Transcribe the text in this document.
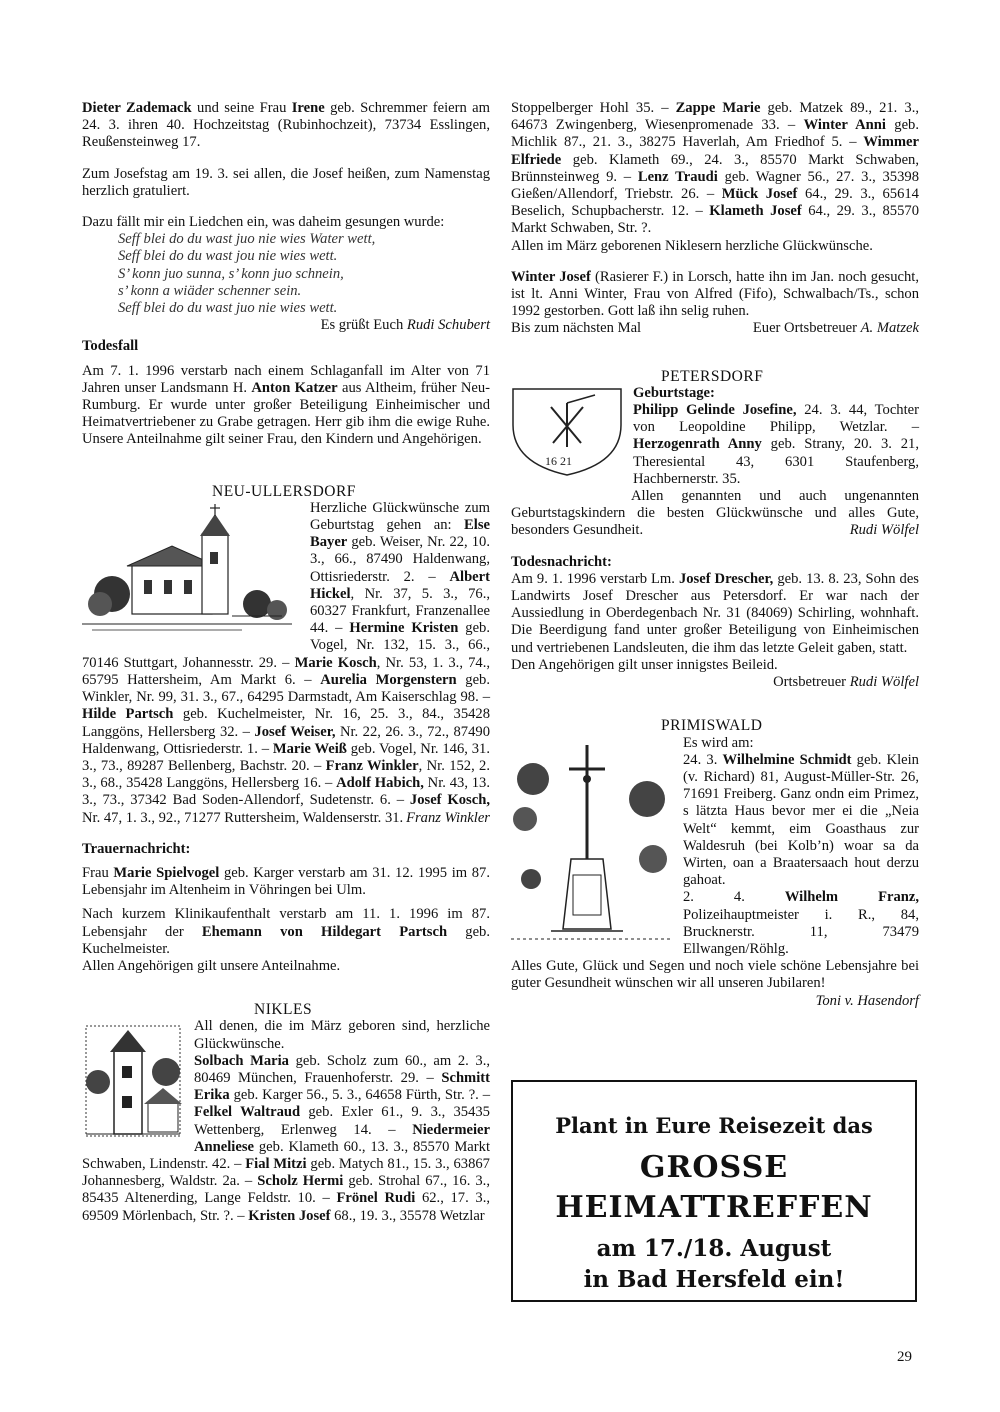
Dieter Zademack und seine Frau Irene geb. Schremmer feiern am 24. 3. ihren 40. Hochzeitstag (Rubinhochzeit), 73734 Esslingen, Reußensteinweg 17.

Zum Josefstag am 19. 3. sei allen, die Josef heißen, zum Namenstag herzlich gratuliert.

Dazu fällt mir ein Liedchen ein, was daheim gesungen wurde:

Seff blei do du wast juo nie wies Water wett,

Seff blei do du wast jou nie wies wett.

S’ konn juo sunna, s’ konn juo schnein,

s’ konn a wiäder schenner sein.

Seff blei do du wast juo nie wies wett.

Es grüßt Euch Rudi Schubert

Todesfall

Am 7. 1. 1996 verstarb nach einem Schlaganfall im Alter von 71 Jahren unser Landsmann H. Anton Katzer aus Altheim, früher Neu-Rumburg. Er wurde unter großer Beteiligung Einheimischer und Heimatvertriebener zu Grabe getragen. Herr gib ihm die ewige Ruhe. Unsere Anteilnahme gilt seiner Frau, den Kindern und Angehörigen.

NEU-ULLERSDORF

Herzliche Glückwünsche zum Geburtstag gehen an: Else Bayer geb. Weiser, Nr. 22, 10. 3., 66., 87490 Haldenwang, Ottisriederstr. 2. – Albert Hickel, Nr. 37, 5. 3., 76., 60327 Frankfurt, Franzenallee 44. – Hermine Kristen geb. Vogel, Nr. 132, 15. 3., 66., 70146 Stuttgart, Johannesstr. 29. – Marie Kosch, Nr. 53, 1. 3., 74., 65795 Hattersheim, Am Markt 6. – Aurelia Morgenstern geb. Winkler, Nr. 99, 31. 3., 67., 64295 Darmstadt, Am Kaiserschlag 98. – Hilde Partsch geb. Kuchelmeister, Nr. 16, 25. 3., 84., 35428 Langgöns, Hellersberg 32. – Josef Weiser, Nr. 22, 26. 3., 72., 87490 Haldenwang, Ottisriederstr. 1. – Marie Weiß geb. Vogel, Nr. 146, 31. 3., 73., 89287 Bellenberg, Bachstr. 20. – Franz Winkler, Nr. 152, 2. 3., 68., 35428 Langgöns, Hellersberg 16. – Adolf Habich, Nr. 43, 13. 3., 73., 37342 Bad Soden-Allendorf, Sudetenstr. 6. – Josef Kosch, Nr. 47, 1. 3., 92., 71277 Ruttersheim, Waldenserstr. 31. Franz Winkler

Trauernachricht:

Frau Marie Spielvogel geb. Karger verstarb am 31. 12. 1995 im 87. Lebensjahr im Altenheim in Vöhringen bei Ulm.

Nach kurzem Klinikaufenthalt verstarb am 11. 1. 1996 im 87. Lebensjahr der Ehemann von Hildegart Partsch geb. Kuchelmeister.

Allen Angehörigen gilt unsere Anteilnahme.

NIKLES

All denen, die im März geboren sind, herzliche Glückwünsche.
Solbach Maria geb. Scholz zum 60., am 2. 3., 80469 München, Frauenhoferstr. 29. – Schmitt Erika geb. Karger 56., 5. 3., 64658 Fürth, Str. ?. – Felkel Waltraud geb. Exler 61., 9. 3., 35435 Wettenberg, Erlenweg 14. – Niedermeier Anneliese geb. Klameth 60., 13. 3., 85570 Markt Schwaben, Lindenstr. 42. – Fial Mitzi geb. Matych 81., 15. 3., 63867 Johannesberg, Waldstr. 2a. – Scholz Hermi geb. Strohal 67., 16. 3., 85435 Altenerding, Lange Feldstr. 10. – Frönel Rudi 62., 17. 3., 69509 Mörlenbach, Str. ?. – Kristen Josef 68., 19. 3., 35578 Wetzlar

Stoppelberger Hohl 35. – Zappe Marie geb. Matzek 89., 21. 3., 64673 Zwingenberg, Wiesenpromenade 33. – Winter Anni geb. Michlik 87., 21. 3., 38275 Haverlah, Am Friedhof 5. – Wimmer Elfriede geb. Klameth 69., 24. 3., 85570 Markt Schwaben, Brünnsteinweg 9. – Lenz Traudi geb. Wagner 56., 27. 3., 35398 Gießen/Allendorf, Triebstr. 26. – Mück Josef 64., 29. 3., 65614 Beselich, Schupbacherstr. 12. – Klameth Josef 64., 29. 3., 85570 Markt Schwaben, Str. ?.

Allen im März geborenen Niklesern herzliche Glückwünsche.

Winter Josef (Rasierer F.) in Lorsch, hatte ihn im Jan. noch gesucht, ist lt. Anni Winter, Frau von Alfred (Fifo), Schwalbach/Ts., schon 1992 gestorben. Gott laß ihn selig ruhen.

Bis zum nächsten Mal	Euer Ortsbetreuer A. Matzek

PETERSDORF

16 21

Geburtstage:

Philipp Gelinde Josefine, 24. 3. 44, Tochter von Leopoldine Philipp, Wetzlar. – Herzogenrath Anny geb. Strany, 20. 3. 21, Theresiental 43, 6301 Staufenberg, Hachbernerstr. 35.

Allen genannten und auch ungenannten Geburtstagskindern die besten Glückwünsche und alles Gute, besonders Gesundheit.	Rudi Wölfel

Todesnachricht:

Am 9. 1. 1996 verstarb Lm. Josef Drescher, geb. 13. 8. 23, Sohn des Landwirts Josef Drescher aus Petersdorf. Er war nach der Aussiedlung in Oberdegenbach Nr. 31 (84069) Schirling, wohnhaft. Die Beerdigung fand unter großer Beteiligung von Einheimischen und vertriebenen Landsleuten, die ihm das letzte Geleit gaben, statt.

Den Angehörigen gilt unser innigstes Beileid.

Ortsbetreuer Rudi Wölfel

PRIMISWALD

Es wird am:

24. 3. Wilhelmine Schmidt geb. Klein (v. Richard) 81, August-Müller-Str. 26, 71691 Freiberg. Ganz ondn eim Primez, s lätzta Haus bevor mer ei die „Neia Welt“ kemmt, eim Goasthaus zur Waldesruh (bei Kolb’n) woar sa da Wirten, oan a Braatersaach hout derzu gahoat.

2. 4. Wilhelm Franz, Polizeihauptmeister i. R., 84, Brucknerstr. 11, 73479 Ellwangen/Röhlg.

Alles Gute, Glück und Segen und noch viele schöne Lebensjahre bei guter Gesundheit wünschen wir all unseren Jubilaren!

Toni v. Hasendorf

Plant in Eure Reisezeit das
GROSSE
HEIMATTREFFEN
am 17./18. August
in Bad Hersfeld ein!
29
